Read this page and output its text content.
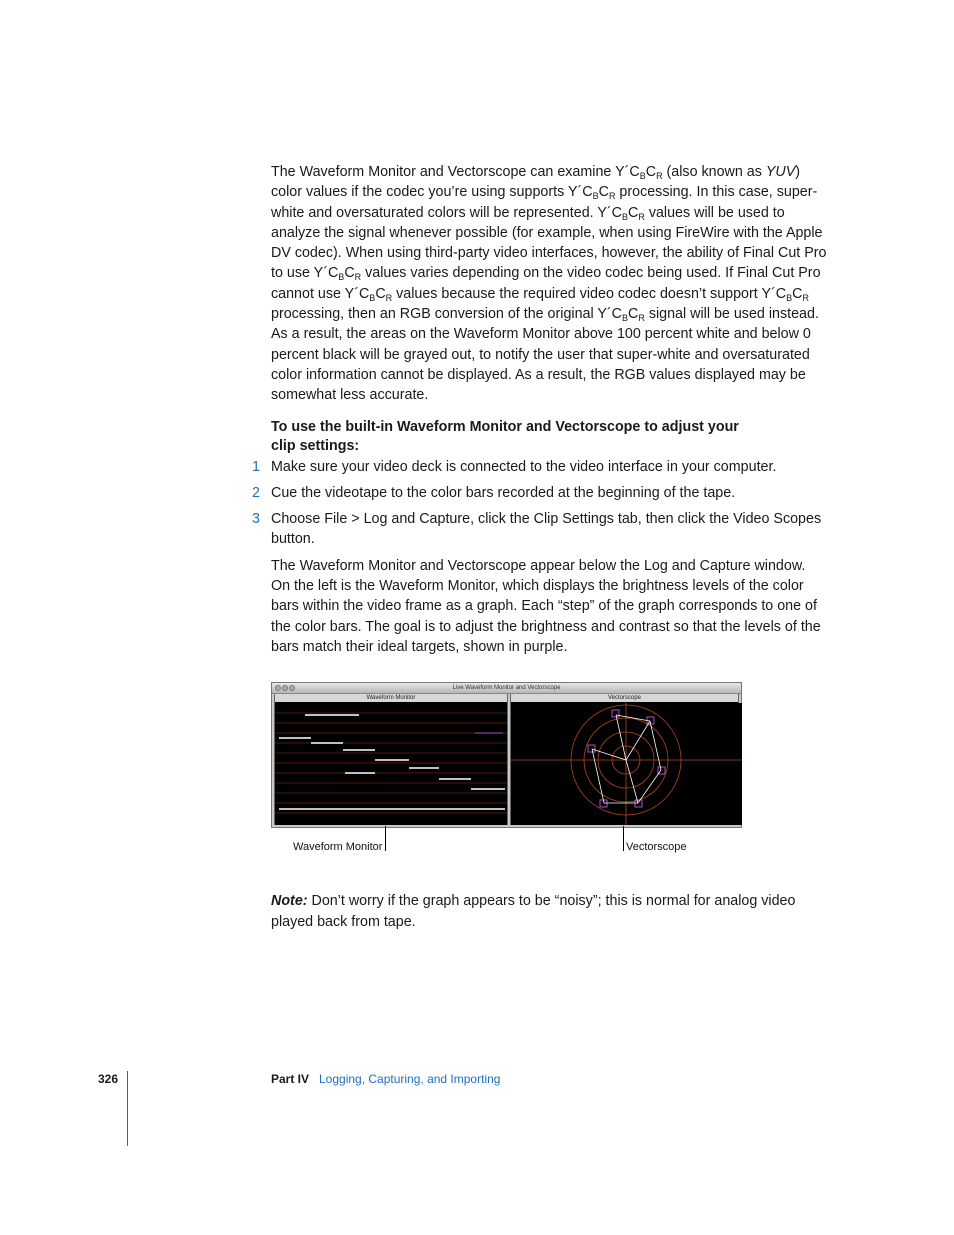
The Waveform Monitor and Vectorscope can examine $Y´C_BC_R$ (also known as YUV) color values if the codec you’re using supports $Y´C_BC_R$ processing. In this case, super-white and oversaturated colors will be represented. $Y´C_BC_R$ values will be used to analyze the signal whenever possible (for example, when using FireWire with the Apple DV codec). When using third-party video interfaces, however, the ability of Final Cut Pro to use $Y´C_BC_R$ values varies depending on the video codec being used. If Final Cut Pro cannot use $Y´C_BC_R$ values because the required video codec doesn’t support $Y´C_BC_R$ processing, then an RGB conversion of the original $Y´C_BC_R$ signal will be used instead. As a result, the areas on the Waveform Monitor above 100 percent white and below 0 percent black will be grayed out, to notify the user that super-white and oversaturated color information cannot be displayed. As a result, the RGB values displayed may be somewhat less accurate.

To use the built-in Waveform Monitor and Vectorscope to adjust your clip settings:

1 Make sure your video deck is connected to the video interface in your computer.
2 Cue the videotape to the color bars recorded at the beginning of the tape.
3 Choose File > Log and Capture, click the Clip Settings tab, then click the Video Scopes button.

The Waveform Monitor and Vectorscope appear below the Log and Capture window. On the left is the Waveform Monitor, which displays the brightness levels of the color bars within the video frame as a graph. Each “step” of the graph corresponds to one of the color bars. The goal is to adjust the brightness and contrast so that the levels of the bars match their ideal targets, shown in purple.

Live Waveform Monitor and Vectorscope
Waveform Monitor	Vectorscope
Waveform Monitor	Vectorscope

Note: Don’t worry if the graph appears to be “noisy”; this is normal for analog video played back from tape.

326	Part IV Logging, Capturing, and Importing
